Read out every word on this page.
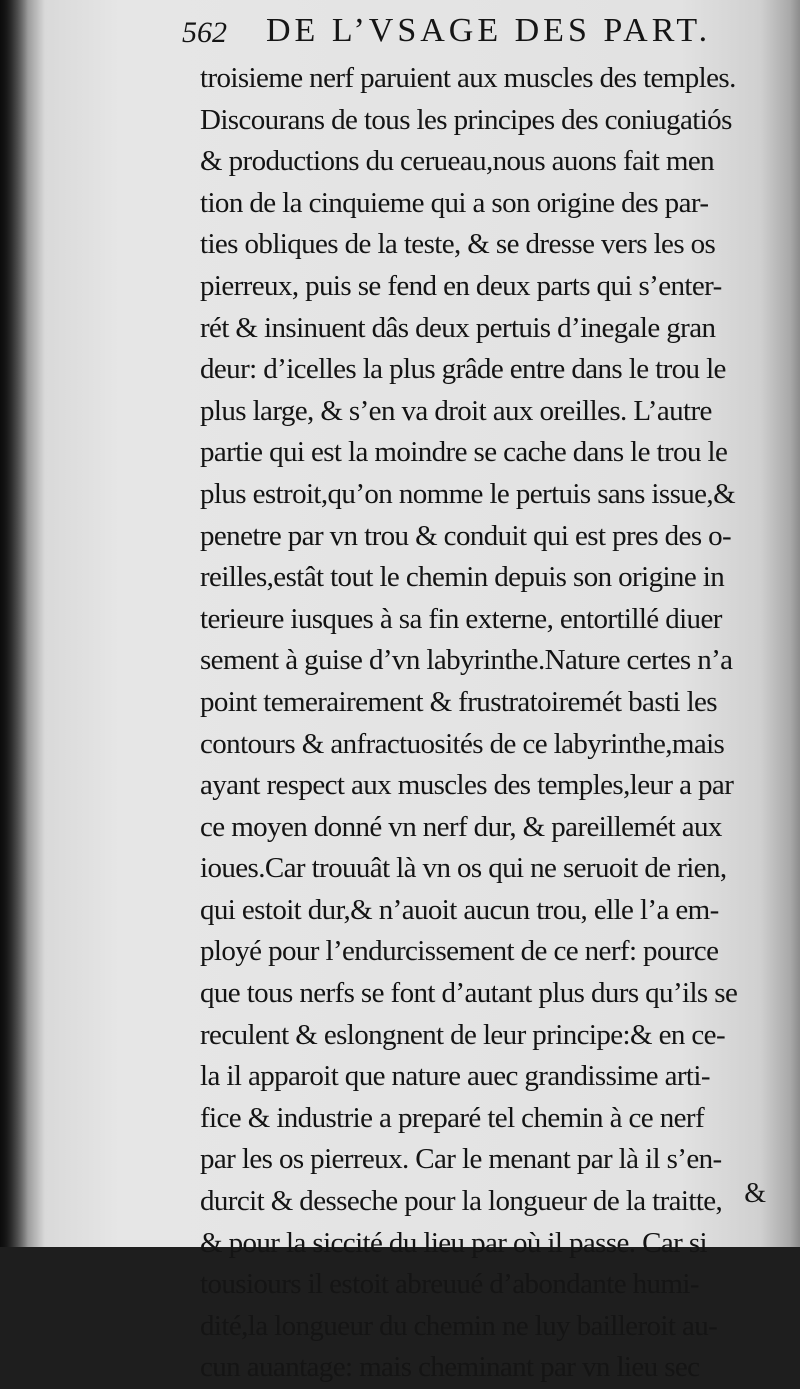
562 DE L’VSAGE DES PART.
troisieme nerf paruient aux muscles des temples.
Discourans de tous les principes des coniugatiós
& productions du cerueau,nous auons fait men
tion de la cinquieme qui a son origine des par-
ties obliques de la teste, & se dresse vers les os
pierreux, puis se fend en deux parts qui s’enter-
rét & insinuent dâs deux pertuis d’inegale gran
deur: d’icelles la plus grâde entre dans le trou le
plus large, & s’en va droit aux oreilles. L’autre
partie qui est la moindre se cache dans le trou le
plus estroit,qu’on nomme le pertuis sans issue,&
penetre par vn trou & conduit qui est pres des o-
reilles,estât tout le chemin depuis son origine in
terieure iusques à sa fin externe, entortillé diuer
sement à guise d’vn labyrinthe.Nature certes n’a
point temerairement & frustratoiremét basti les
contours & anfractuosités de ce labyrinthe,mais
ayant respect aux muscles des temples,leur a par
ce moyen donné vn nerf dur, & pareillemét aux
ioues.Car trouuât là vn os qui ne seruoit de rien,
qui estoit dur,& n’auoit aucun trou, elle l’a em-
ployé pour l’endurcissement de ce nerf: pource
que tous nerfs se font d’autant plus durs qu’ils se
reculent & eslongnent de leur principe:& en ce-
la il apparoit que nature auec grandissime arti-
fice & industrie a preparé tel chemin à ce nerf
par les os pierreux. Car le menant par là il s’en-
durcit & desseche pour la longueur de la traitte,
& pour la siccité du lieu par où il passe. Car si
tousiours il estoit abreuué d’abondante humi-
dité,la longueur du chemin ne luy bailleroit au-
cun auantage: mais cheminant par vn lieu sec
&
